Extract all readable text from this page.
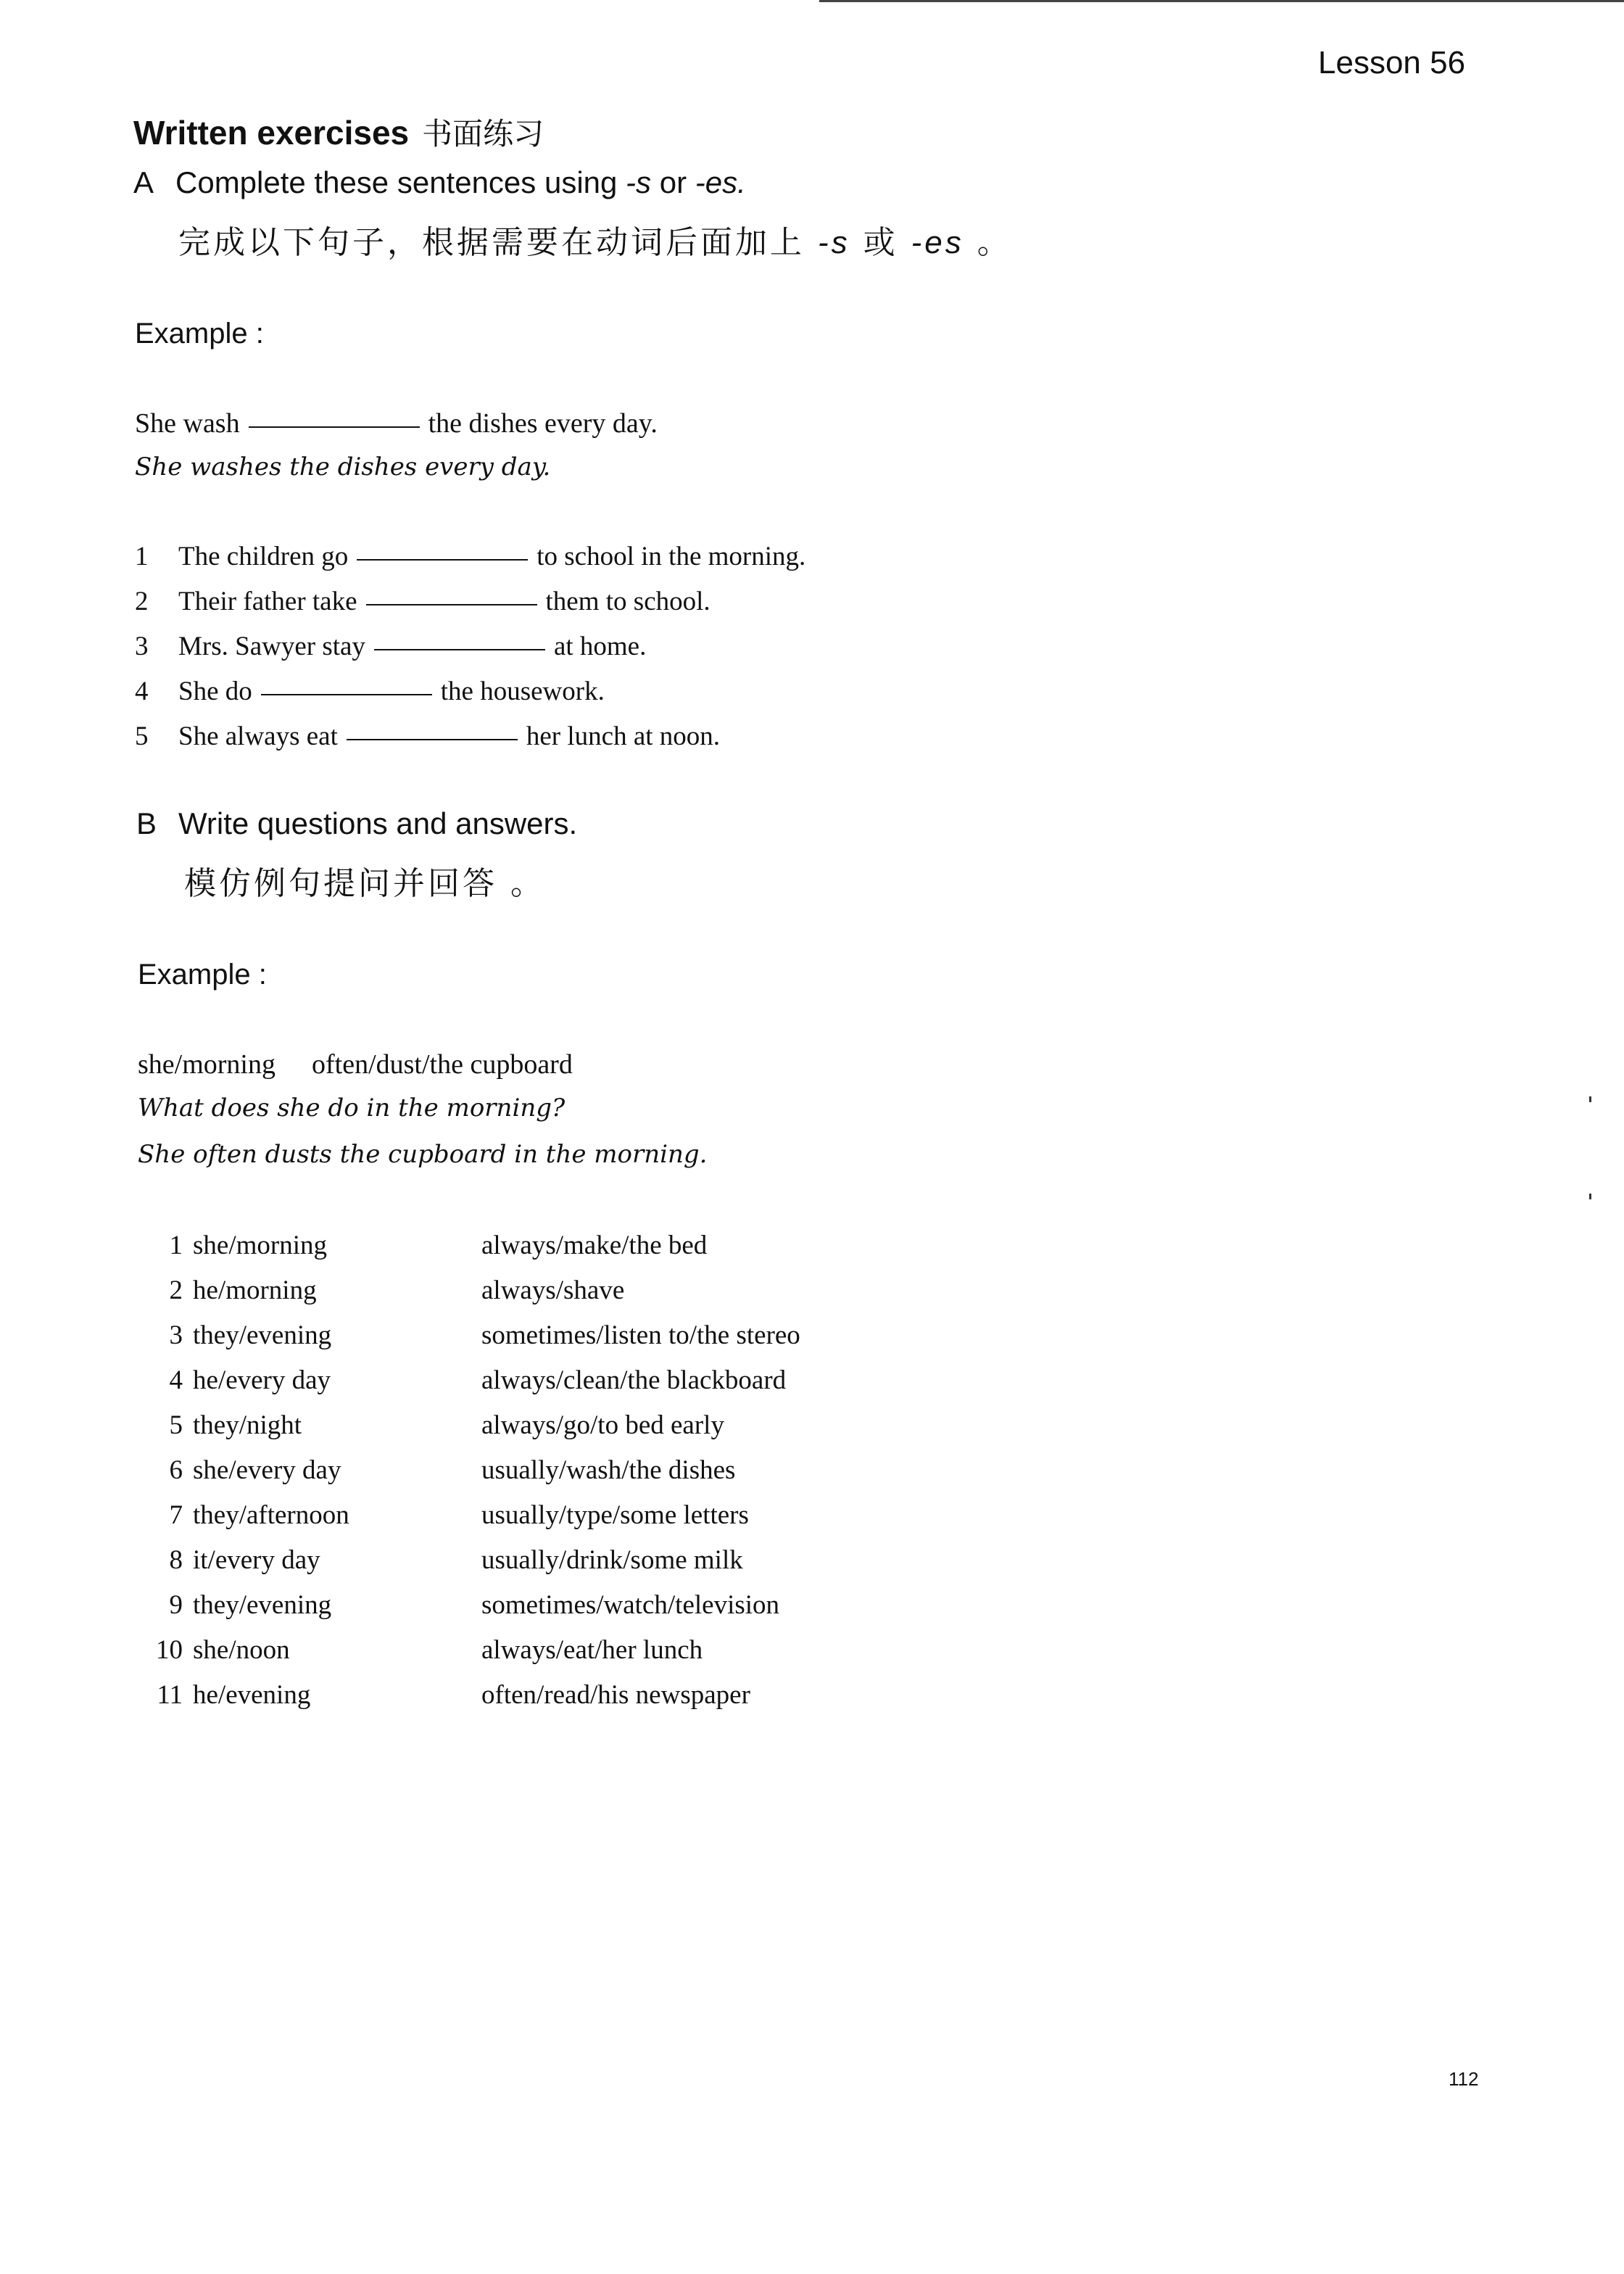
Lesson 56
Written exercises 书面练习
A Complete these sentences using -s or -es.
完成以下句子，根据需要在动词后面加上 -s 或 -es 。
Example :
She wash	the dishes every day.
She washes the dishes every day.
1 The children go	to school in the morning.
2 Their father take	them to school.
3 Mrs. Sawyer stay	at home.
4 She do	the housework.
5 She always eat	her lunch at noon.
B Write questions and answers.
模仿例句提问并回答 。
Example :
she/morning often/dust/the cupboard
What does she do in the morning?
She often dusts the cupboard in the morning.
1	she/morning	always/make/the bed
2	he/morning	always/shave
3	they/evening	sometimes/listen to/the stereo
4	he/every day	always/clean/the blackboard
5	they/night	always/go/to bed early
6	she/every day	usually/wash/the dishes
7	they/afternoon	usually/type/some letters
8	it/every day	usually/drink/some milk
9	they/evening	sometimes/watch/television
10	she/noon	always/eat/her lunch
11	he/evening	often/read/his newspaper
112
